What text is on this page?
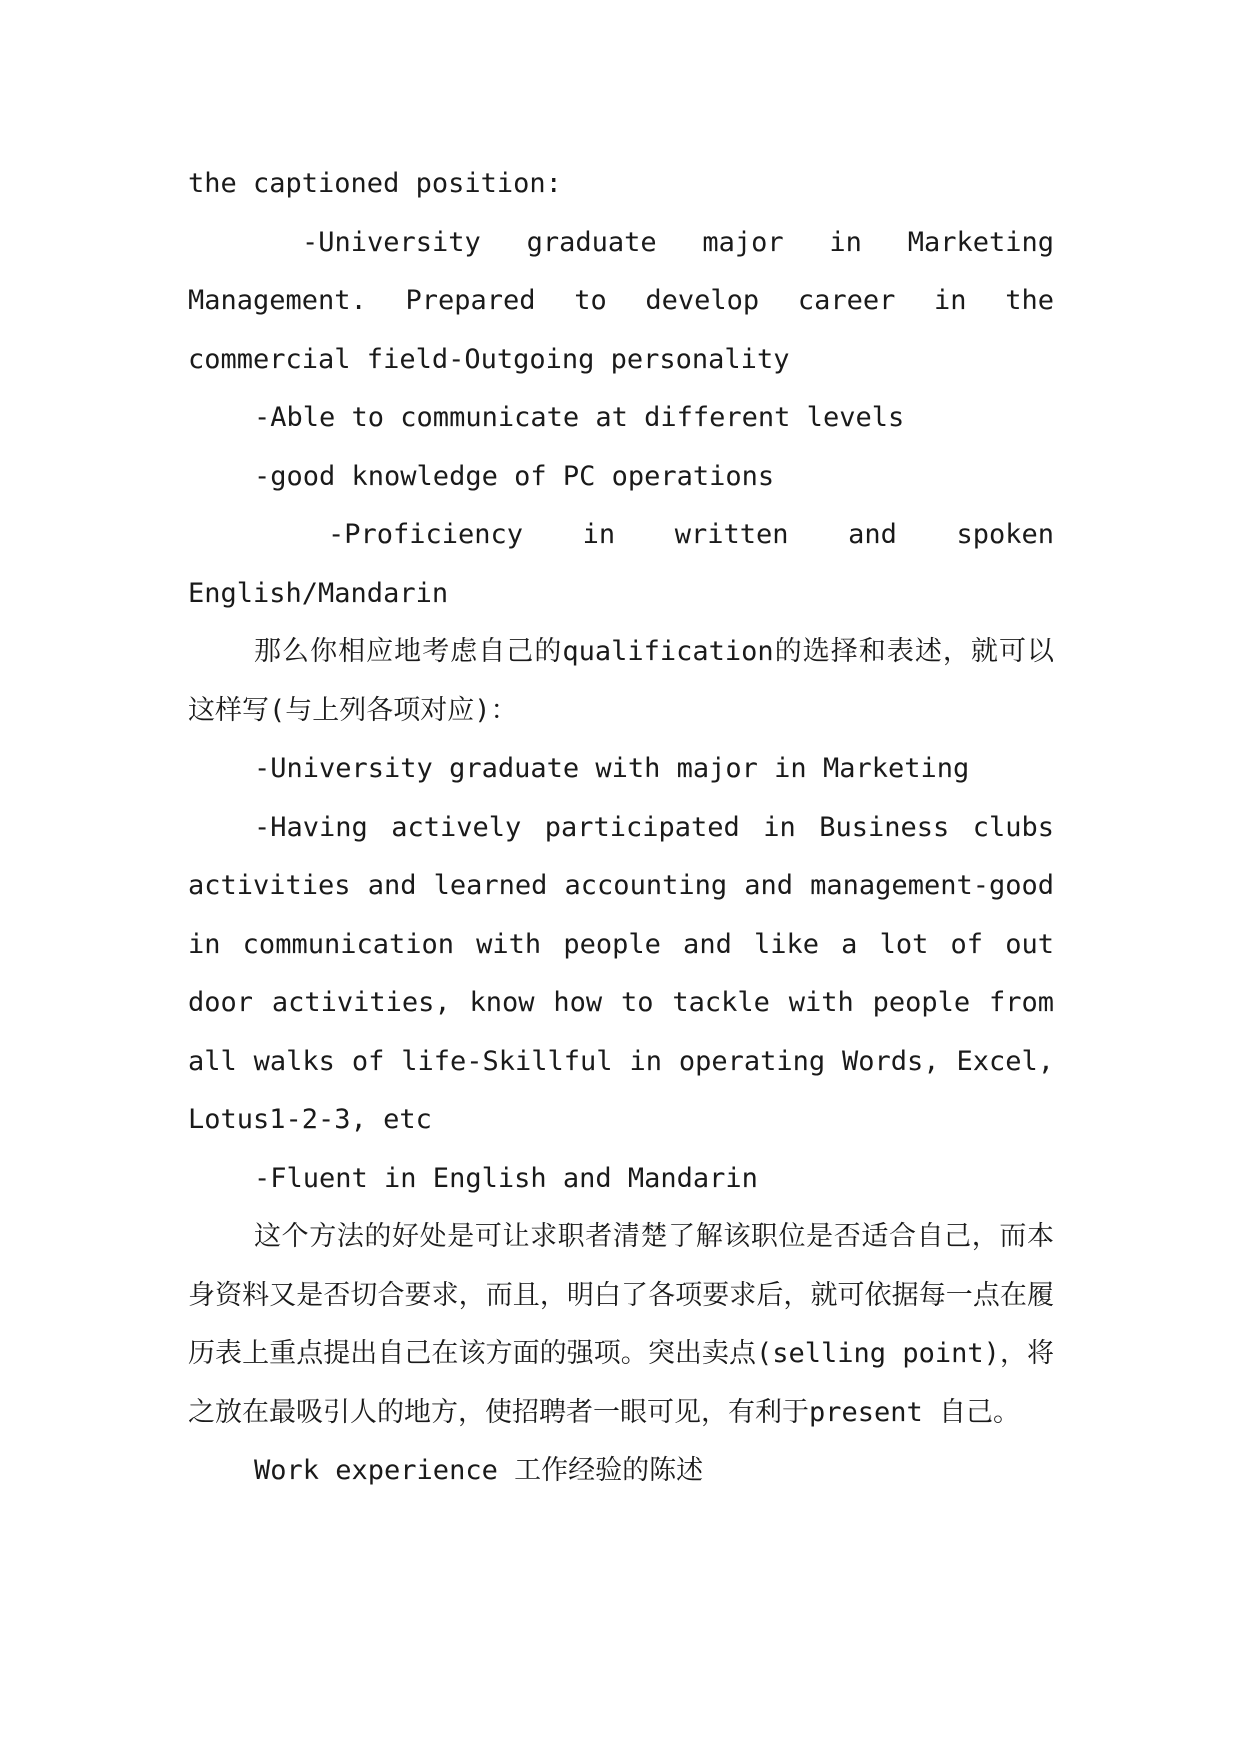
the captioned position:

-University graduate major in Marketing Management. Prepared to develop career in the commercial field-Outgoing personality

-Able to communicate at different levels

-good knowledge of PC operations

-Proficiency in written and spoken English/Mandarin

那么你相应地考虑自己的qualification的选择和表述，就可以这样写(与上列各项对应)：

-University graduate with major in Marketing

-Having actively participated in Business clubs activities and learned accounting and management-good in communication with people and like a lot of out door activities, know how to tackle with people from all walks of life-Skillful in operating Words, Excel, Lotus1-2-3, etc

-Fluent in English and Mandarin

这个方法的好处是可让求职者清楚了解该职位是否适合自己，而本身资料又是否切合要求，而且，明白了各项要求后，就可依据每一点在履历表上重点提出自己在该方面的强项。突出卖点(selling point)，将之放在最吸引人的地方，使招聘者一眼可见，有利于present 自己。

Work experience 工作经验的陈述
